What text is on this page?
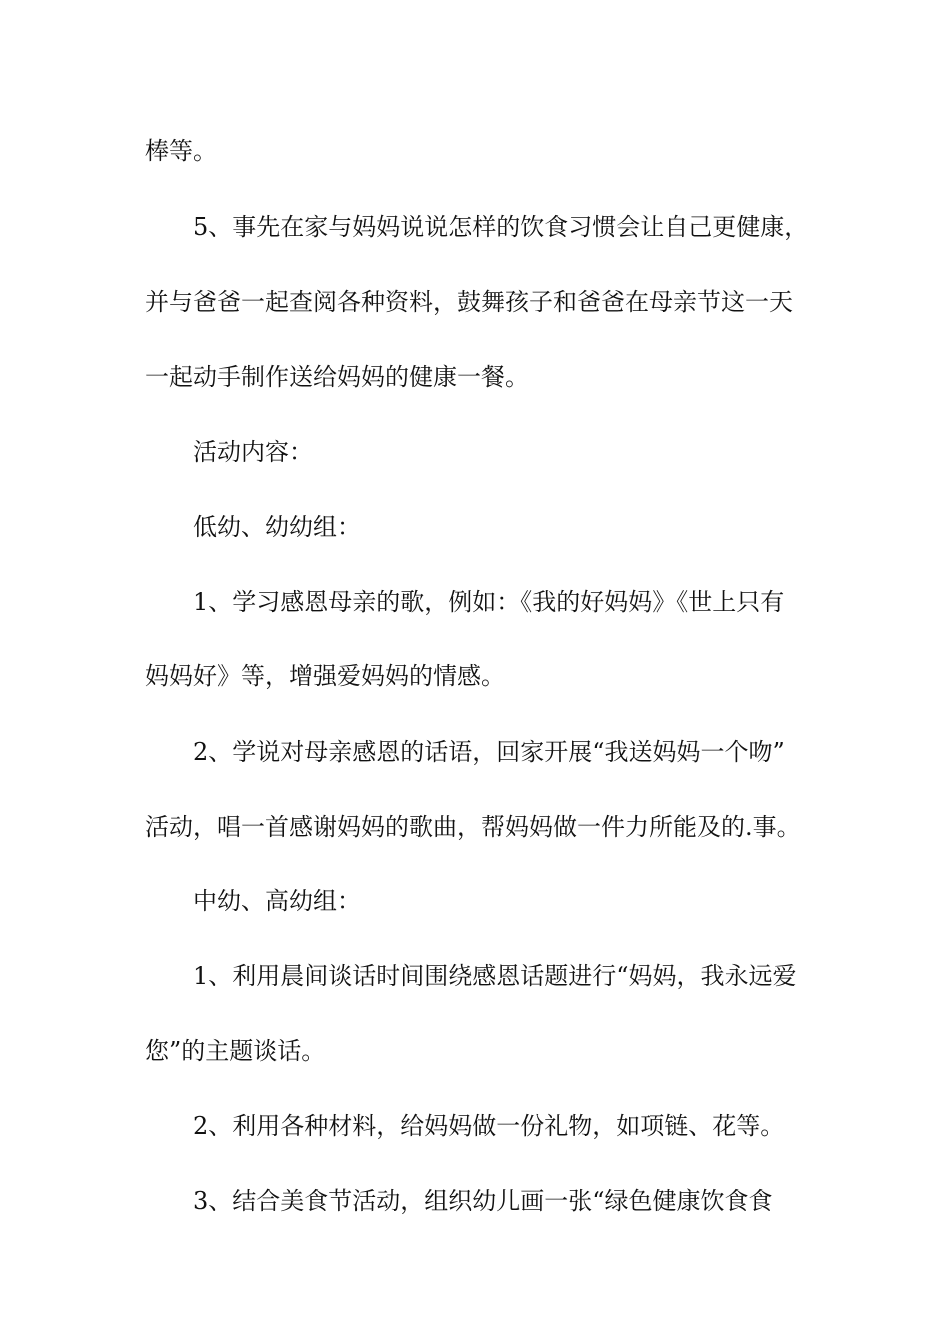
棒等。
5、事先在家与妈妈说说怎样的饮食习惯会让自己更健康，
并与爸爸一起查阅各种资料，鼓舞孩子和爸爸在母亲节这一天
一起动手制作送给妈妈的健康一餐。
活动内容：
低幼、幼幼组：
1、学习感恩母亲的歌，例如：《我的好妈妈》《世上只有
妈妈好》等，增强爱妈妈的情感。
2、学说对母亲感恩的话语，回家开展“我送妈妈一个吻”
活动，唱一首感谢妈妈的歌曲，帮妈妈做一件力所能及的.事。
中幼、高幼组：
1、利用晨间谈话时间围绕感恩话题进行“妈妈，我永远爱
您”的主题谈话。
2、利用各种材料，给妈妈做一份礼物，如项链、花等。
3、结合美食节活动，组织幼儿画一张“绿色健康饮食食
